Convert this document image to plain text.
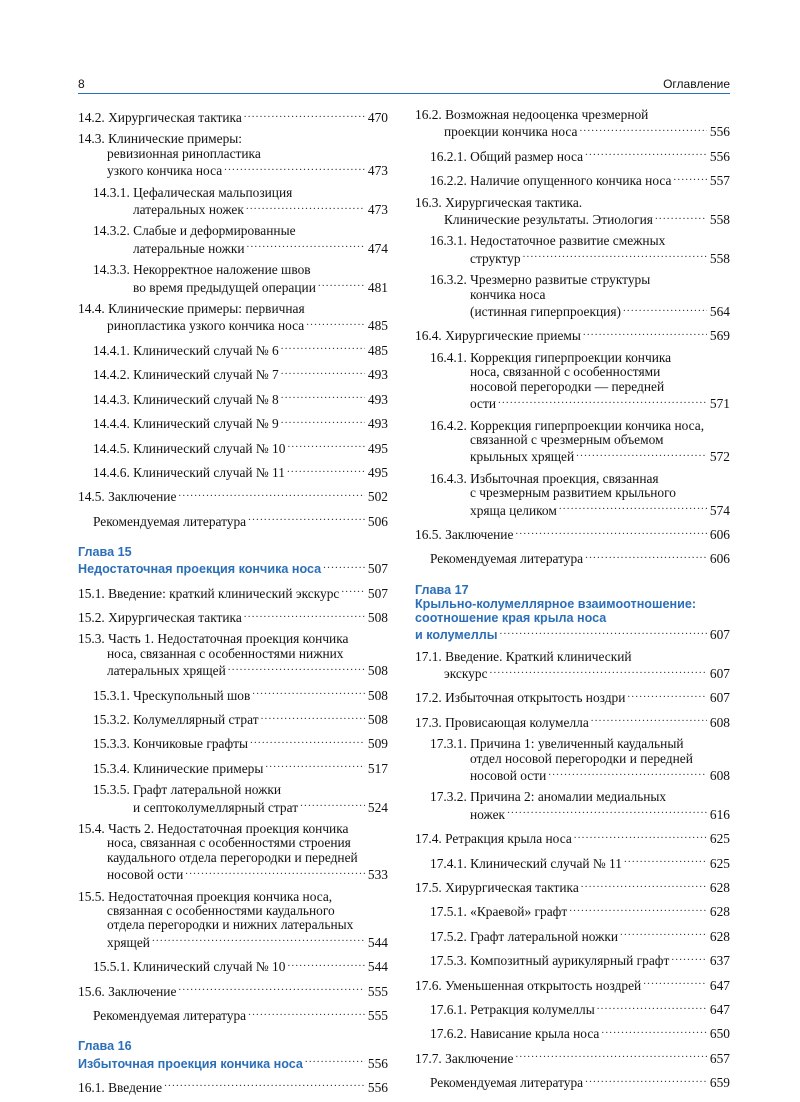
8	Оглавление
14.2. Хирургическая тактика .....	470
14.3. Клинические примеры:
ревизионная ринопластика
узкого кончика носа .....	473
14.3.1. Цефалическая мальпозиция
латеральных ножек .....	473
14.3.2. Слабые и деформированные
латеральные ножки .....	474
14.3.3. Некорректное наложение швов
во время предыдущей операции .....	481
14.4. Клинические примеры: первичная
ринопластика узкого кончика носа .....	485
14.4.1. Клинический случай № 6 .....	485
14.4.2. Клинический случай № 7 .....	493
14.4.3. Клинический случай № 8 .....	493
14.4.4. Клинический случай № 9 .....	493
14.4.5. Клинический случай № 10 .....	495
14.4.6. Клинический случай № 11 .....	495
14.5. Заключение .....	502
Рекомендуемая литература .....	506
Глава 15
Недостаточная проекция кончика носа .....	507
15.1. Введение: краткий клинический экскурс ..... 507
15.2. Хирургическая тактика .....	508
15.3. Часть 1. Недостаточная проекция кончика
носа, связанная с особенностями нижних
латеральных хрящей .....	508
15.3.1. Чрескупольный шов .....	508
15.3.2. Колумеллярный страт .....	508
15.3.3. Кончиковые графты .....	509
15.3.4. Клинические примеры .....	517
15.3.5. Графт латеральной ножки
и септоколумеллярный страт .....	524
15.4. Часть 2. Недостаточная проекция кончика
носа, связанная с особенностями строения
каудального отдела перегородки и передней
носовой ости .....	533
15.5. Недостаточная проекция кончика носа,
связанная с особенностями каудального
отдела перегородки и нижних латеральных
хрящей .....	544
15.5.1. Клинический случай № 10 .....	544
15.6. Заключение .....	555
Рекомендуемая литература .....	555
Глава 16
Избыточная проекция кончика носа .....	556
16.1. Введение .....	556
16.2. Возможная недооценка чрезмерной
проекции кончика носа .....	556
16.2.1. Общий размер носа .....	556
16.2.2. Наличие опущенного кончика носа .....	557
16.3. Хирургическая тактика.
Клинические результаты. Этиология .....	558
16.3.1. Недостаточное развитие смежных
структур .....	558
16.3.2. Чрезмерно развитые структуры
кончика носа
(истинная гиперпроекция) .....	564
16.4. Хирургические приемы .....	569
16.4.1. Коррекция гиперпроекции кончика
носа, связанной с особенностями
носовой перегородки — передней
ости .....	571
16.4.2. Коррекция гиперпроекции кончика носа,
связанной с чрезмерным объемом
крыльных хрящей .....	572
16.4.3. Избыточная проекция, связанная
с чрезмерным развитием крыльного
хряща целиком .....	574
16.5. Заключение .....	606
Рекомендуемая литература .....	606
Глава 17
Крыльно-колумеллярное взаимоотношение:
соотношение края крыла носа
и колумеллы .....	607
17.1. Введение. Краткий клинический
экскурс .....	607
17.2. Избыточная открытость ноздри .....	607
17.3. Провисающая колумелла .....	608
17.3.1. Причина 1: увеличенный каудальный
отдел носовой перегородки и передней
носовой ости .....	608
17.3.2. Причина 2: аномалии медиальных
ножек .....	616
17.4. Ретракция крыла носа .....	625
17.4.1. Клинический случай № 11 .....	625
17.5. Хирургическая тактика .....	628
17.5.1. «Краевой» графт .....	628
17.5.2. Графт латеральной ножки .....	628
17.5.3. Композитный аурикулярный графт .....	637
17.6. Уменьшенная открытость ноздрей .....	647
17.6.1. Ретракция колумеллы .....	647
17.6.2. Нависание крыла носа .....	650
17.7. Заключение .....	657
Рекомендуемая литература .....	659
